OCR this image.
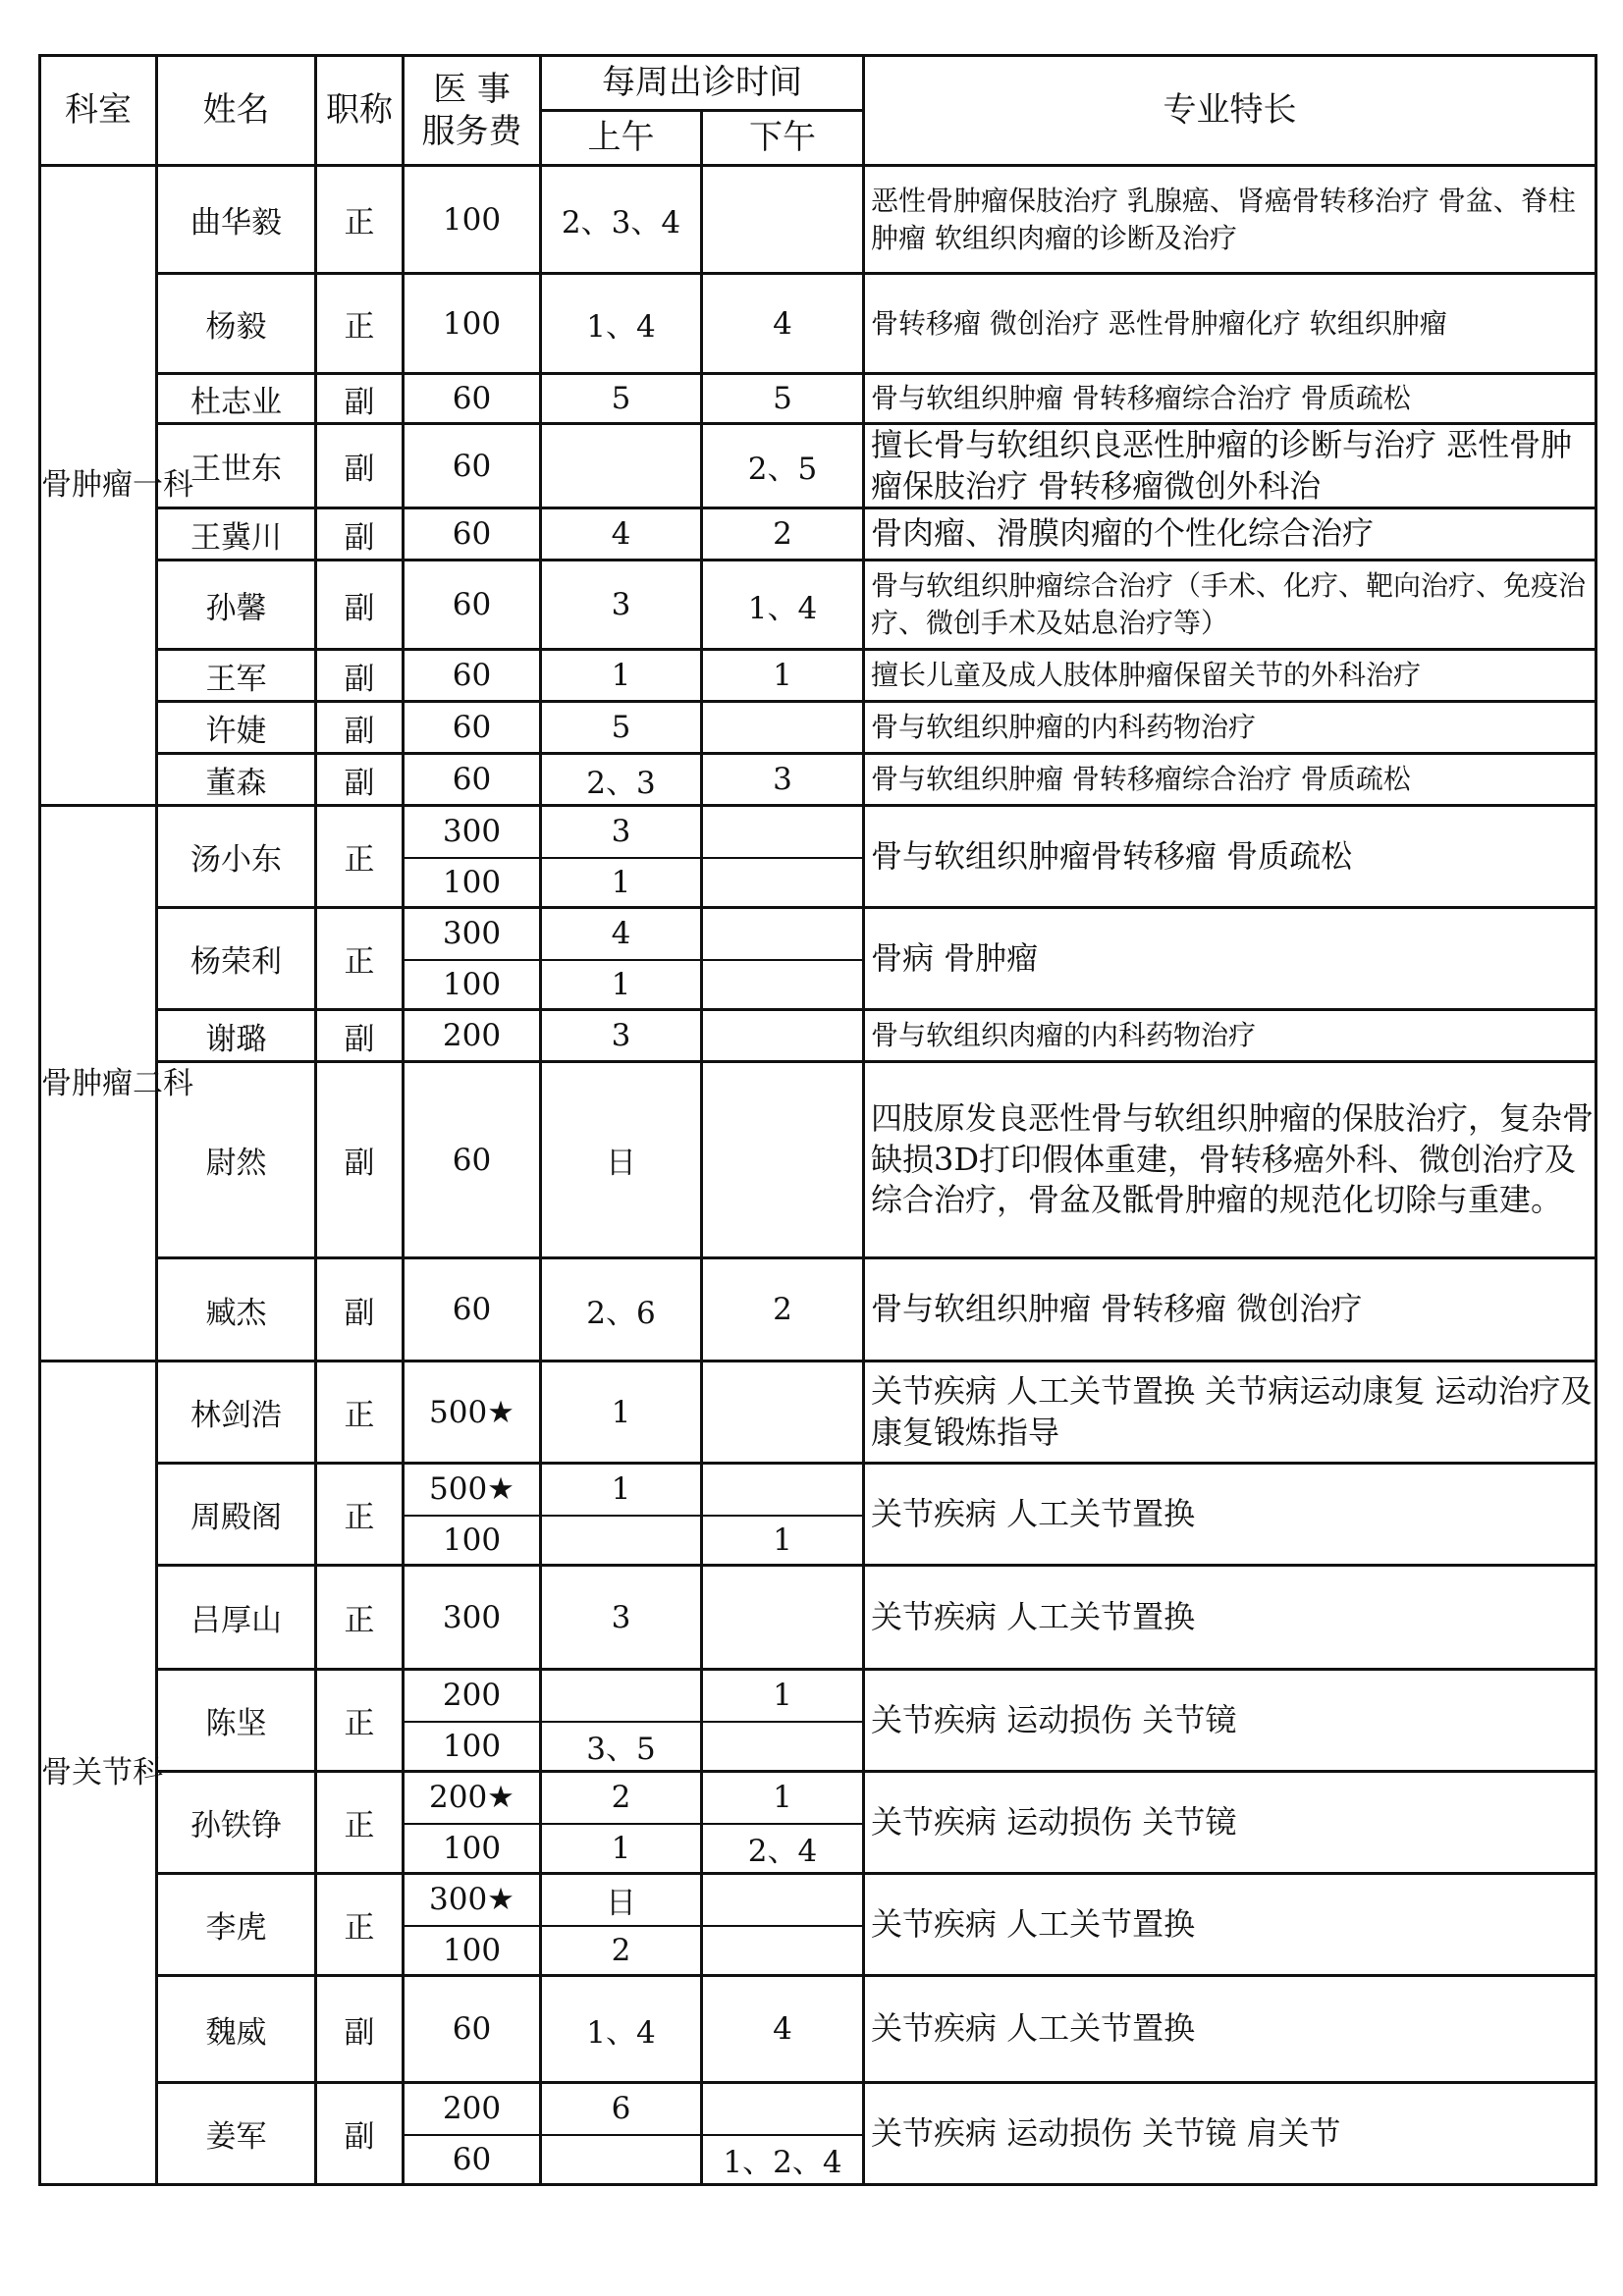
科室	姓名	职称	医 事
服务费	每周出诊时间		专业特长
				上午	下午	
骨肿瘤一科	曲华毅	正	100	2、3、4		恶性骨肿瘤保肢治疗 乳腺癌、肾癌骨转移治疗 骨盆、脊柱肿瘤 软组织肉瘤的诊断及治疗
	杨毅	正	100	1、4	4	骨转移瘤 微创治疗 恶性骨肿瘤化疗 软组织肿瘤
	杜志业	副	60	5	5	骨与软组织肿瘤 骨转移瘤综合治疗 骨质疏松
	王世东	副	60		2、5	擅长骨与软组织良恶性肿瘤的诊断与治疗 恶性骨肿瘤保肢治疗 骨转移瘤微创外科治
	王冀川	副	60	4	2	骨肉瘤、滑膜肉瘤的个性化综合治疗
	孙馨	副	60	3	1、4	骨与软组织肿瘤综合治疗（手术、化疗、靶向治疗、免疫治疗、微创手术及姑息治疗等）
	王军	副	60	1	1	擅长儿童及成人肢体肿瘤保留关节的外科治疗
	许婕	副	60	5		骨与软组织肿瘤的内科药物治疗
	董森	副	60	2、3	3	骨与软组织肿瘤 骨转移瘤综合治疗 骨质疏松
骨肿瘤二科	汤小东	正	300	3		骨与软组织肿瘤骨转移瘤 骨质疏松
			100	1		
	杨荣利	正	300	4		骨病 骨肿瘤
			100	1		
	谢璐	副	200	3		骨与软组织肉瘤的内科药物治疗
	尉然	副	60	日		四肢原发良恶性骨与软组织肿瘤的保肢治疗，复杂骨缺损3D打印假体重建，骨转移癌外科、微创治疗及综合治疗，骨盆及骶骨肿瘤的规范化切除与重建。
	臧杰	副	60	2、6	2	骨与软组织肿瘤 骨转移瘤 微创治疗
骨关节科	林剑浩	正	500★	1		关节疾病 人工关节置换 关节病运动康复 运动治疗及康复锻炼指导
	周殿阁	正	500★	1		关节疾病 人工关节置换
			100		1	
	吕厚山	正	300	3		关节疾病 人工关节置换
	陈坚	正	200		1	关节疾病 运动损伤 关节镜
			100	3、5		
	孙铁铮	正	200★	2	1	关节疾病 运动损伤 关节镜
			100	1	2、4	
	李虎	正	300★	日		关节疾病 人工关节置换
			100	2		
	魏威	副	60	1、4	4	关节疾病 人工关节置换
	姜军	副	200	6		关节疾病 运动损伤 关节镜 肩关节
			60		1、2、4	
